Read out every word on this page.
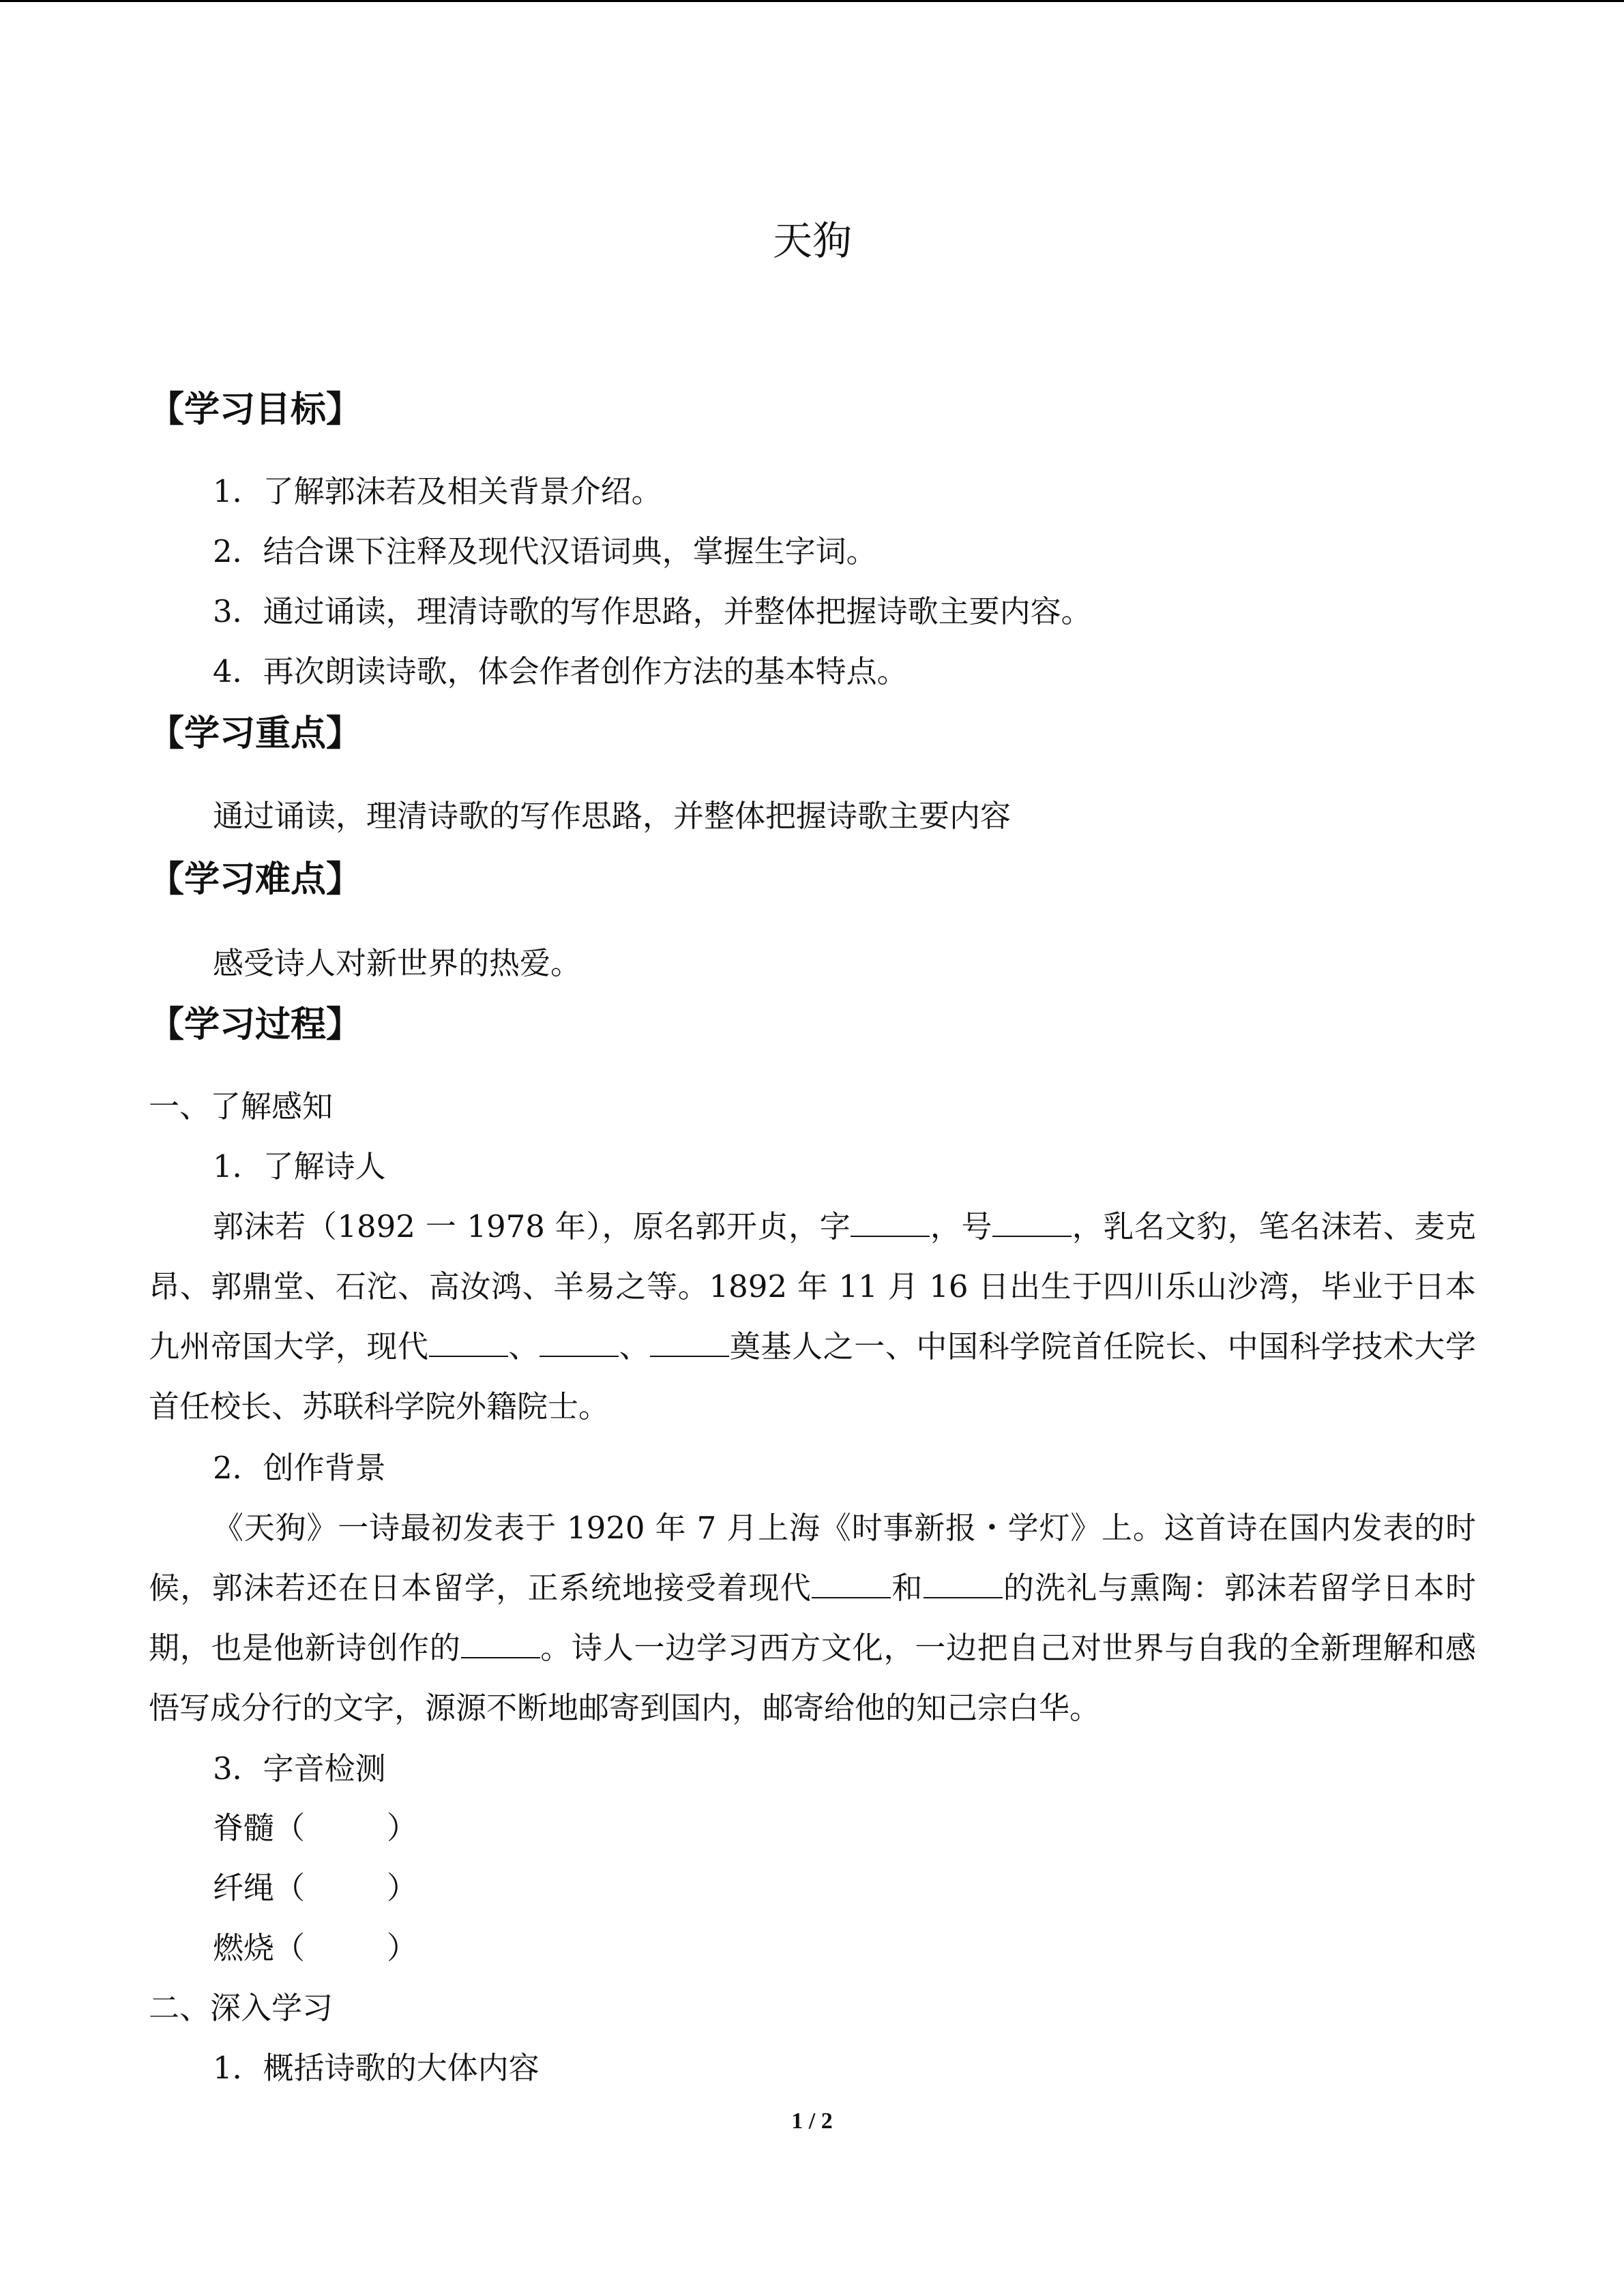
天狗
【学习目标】
1．了解郭沫若及相关背景介绍。
2．结合课下注释及现代汉语词典，掌握生字词。
3．通过诵读，理清诗歌的写作思路，并整体把握诗歌主要内容。
4．再次朗读诗歌，体会作者创作方法的基本特点。
【学习重点】
通过诵读，理清诗歌的写作思路，并整体把握诗歌主要内容
【学习难点】
感受诗人对新世界的热爱。
【学习过程】
一、了解感知
1．了解诗人
郭沫若（1892 一 1978 年），原名郭开贞，字	，号	，乳名文豹，笔名沫若、麦克昂、郭鼎堂、石沱、高汝鸿、羊易之等。1892 年 11 月 16 日出生于四川乐山沙湾，毕业于日本九州帝国大学，现代	、	、	奠基人之一、中国科学院首任院长、中国科学技术大学首任校长、苏联科学院外籍院士。
2．创作背景
《天狗》一诗最初发表于 1920 年 7 月上海《时事新报・学灯》上。这首诗在国内发表的时候，郭沫若还在日本留学，正系统地接受着现代	和	的洗礼与熏陶：郭沫若留学日本时期，也是他新诗创作的	。诗人一边学习西方文化，一边把自己对世界与自我的全新理解和感悟写成分行的文字，源源不断地邮寄到国内，邮寄给他的知己宗白华。
3．字音检测
脊髓（	）
纤绳（	）
燃烧（	）
二、深入学习
1．概括诗歌的大体内容
1 / 2
